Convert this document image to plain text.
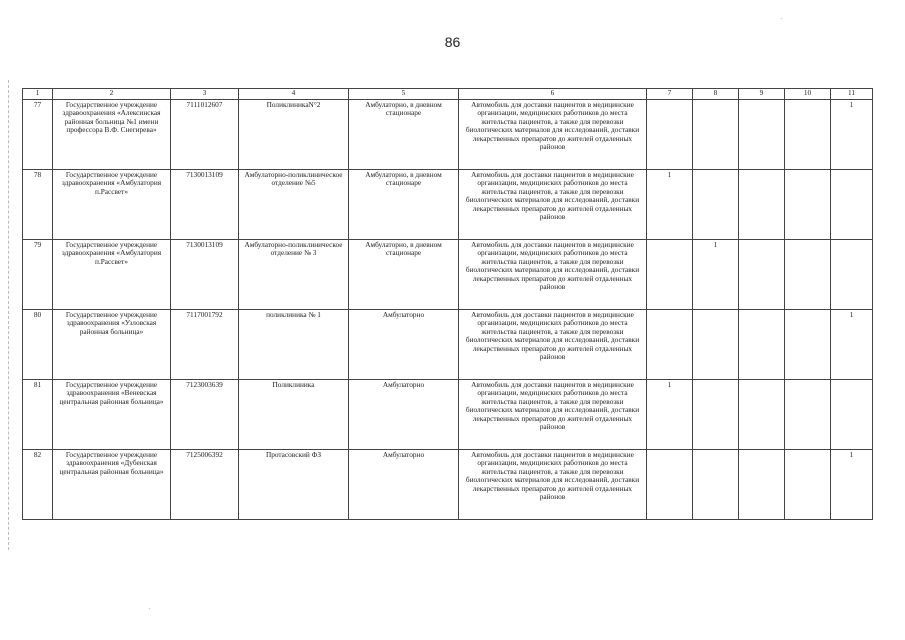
86
·
·
1	2	3	4	5	6	7	8	9	10	11
77	Государственное учреждение здравоохранения «Алексинская районная больница №1 имени профессора В.Ф. Снегирева»	7111012607	ПоликлиникаN°2	Амбулаторно, в дневном стационаре	Автомобиль для доставки пациентов в медицинские организации, медицинских работников до места жительства пациентов, а также для перевозки биологических материалов для исследований, доставки лекарственных препаратов до жителей отдаленных районов					1
78	Государственное учреждение здравоохранения «Амбулатория п.Рассвет»	7130013109	Амбулаторно-поликлиническое отделение №5	Амбулаторно, в дневном стационаре	Автомобиль для доставки пациентов в медицинские организации, медицинских работников до места жительства пациентов, а также для перевозки биологических материалов для исследований, доставки лекарственных препаратов до жителей отдаленных районов	1				
79	Государственное учреждение здравоохранения «Амбулатория п.Рассвет»	7130013109	Амбулаторно-поликлиническое отделение № 3	Амбулаторно, в дневном стационаре	Автомобиль для доставки пациентов в медицинские организации, медицинских работников до места жительства пациентов, а также для перевозки биологических материалов для исследований, доставки лекарственных препаратов до жителей отдаленных районов		1			
80	Государственное учреждение здравоохранения «Узловская районная больница»	7117001792	поликлиника № 1	Амбулаторно	Автомобиль для доставки пациентов в медицинские организации, медицинских работников до места жительства пациентов, а также для перевозки биологических материалов для исследований, доставки лекарственных препаратов до жителей отдаленных районов					1
81	Государственное учреждение здравоохранения «Веневская центральная районная больница»	7123003639	Поликлиника	Амбулаторно	Автомобиль для доставки пациентов в медицинские организации, медицинских работников до места жительства пациентов, а также для перевозки биологических материалов для исследований, доставки лекарственных препаратов до жителей отдаленных районов	1				
82	Государственное учреждение здравоохранения «Дубенская центральная районная больница»	7125006392	Протасовский ФЗ	Амбулаторно	Автомобиль для доставки пациентов в медицинские организации, медицинских работников до места жительства пациентов, а также для перевозки биологических материалов для исследований, доставки лекарственных препаратов до жителей отдаленных районов					1
